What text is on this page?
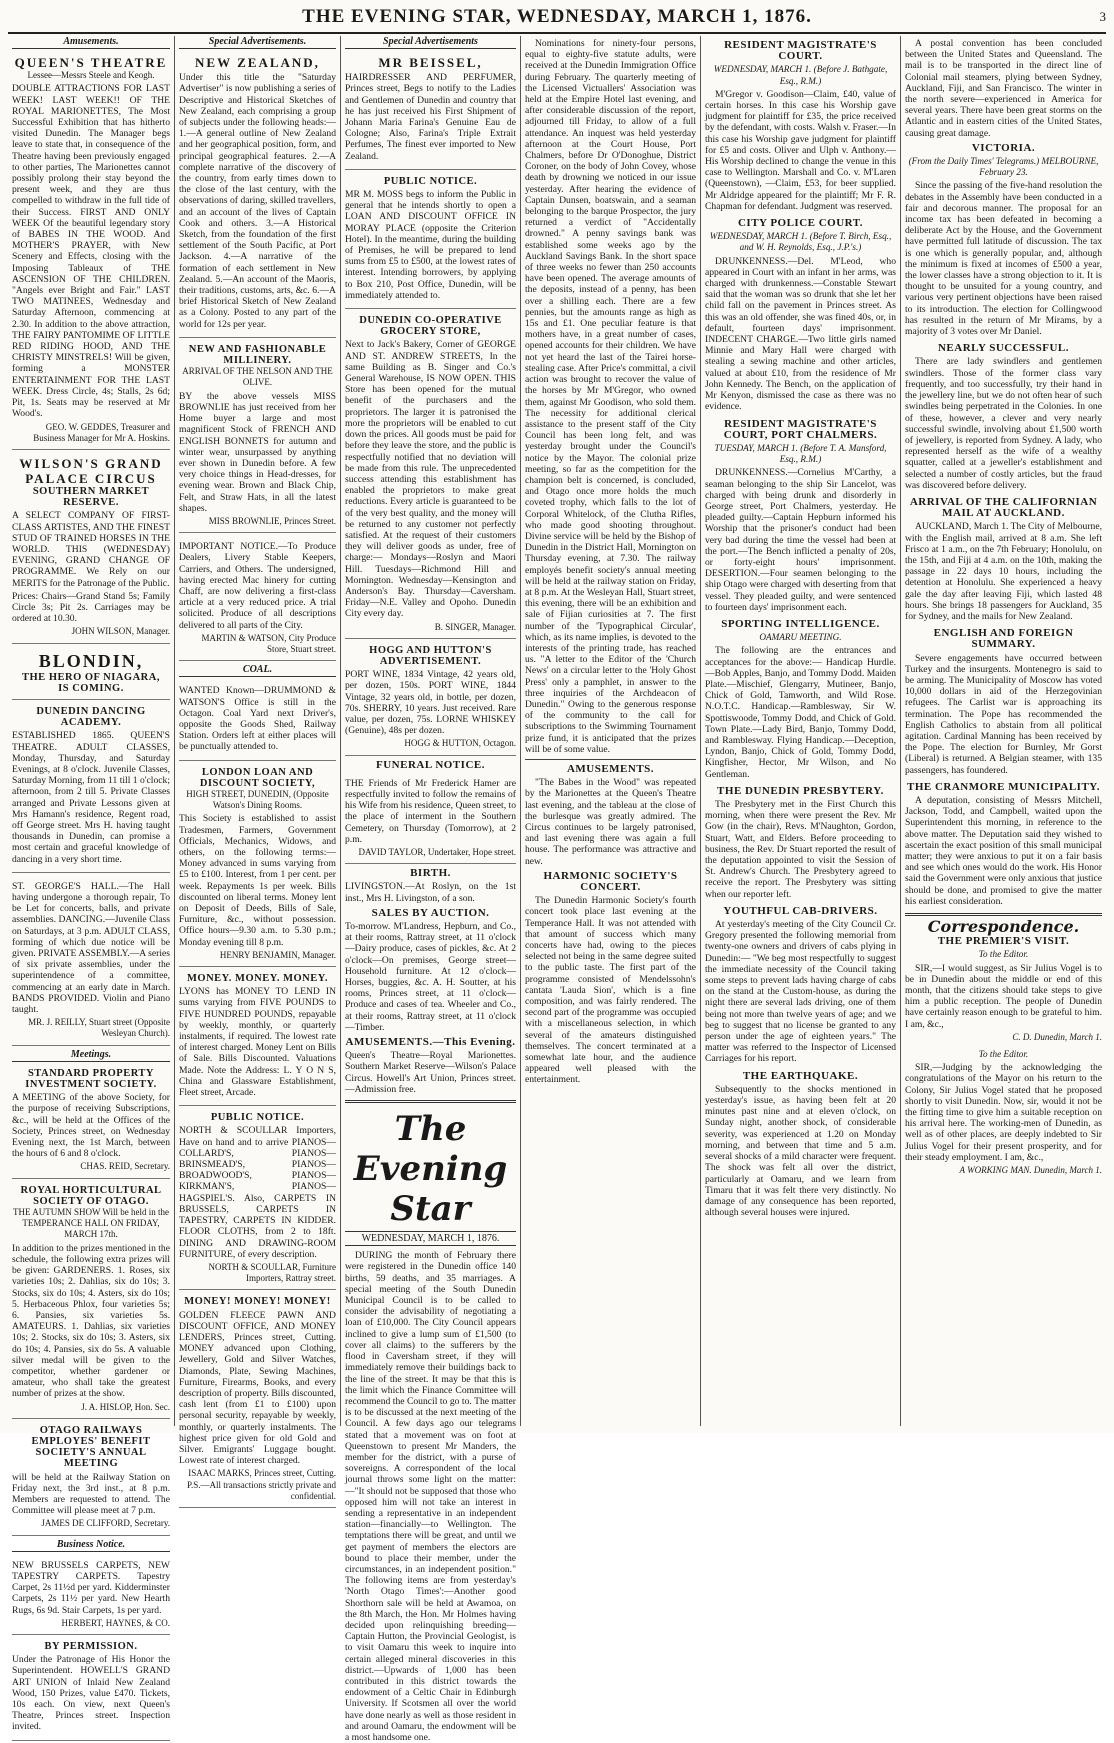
THE EVENING STAR, WEDNESDAY, MARCH 1, 1876.	3
Amusements.
QUEEN'S THEATRE
Lessee—Messrs Steele and Keogh.
DOUBLE ATTRACTIONS FOR LAST WEEK! LAST WEEK!! OF THE ROYAL MARIONETTES, The Most Successful Exhibition that has hitherto visited Dunedin. The Manager begs leave to state that, in consequence of the Theatre having been previously engaged to other parties, The Marionettes cannot possibly prolong their stay beyond the present week, and they are thus compelled to withdraw in the full tide of their Success. FIRST AND ONLY WEEK Of the beautiful legendary story of BABES IN THE WOOD. And MOTHER'S PRAYER, with New Scenery and Effects, closing with the Imposing Tableaux of THE ASCENSION OF THE CHILDREN. "Angels ever Bright and Fair." LAST TWO MATINEES, Wednesday and Saturday Afternoon, commencing at 2.30. In addition to the above attraction, THE FAIRY PANTOMIME OF LITTLE RED RIDING HOOD, AND THE CHRISTY MINSTRELS! Will be given, forming a MONSTER ENTERTAINMENT FOR THE LAST WEEK. Dress Circle, 4s; Stalls, 2s 6d; Pit, 1s. Seats may be reserved at Mr Wood's.
GEO. W. GEDDES, Treasurer and Business Manager for Mr A. Hoskins.
WILSON'S GRAND PALACE CIRCUS
SOUTHERN MARKET RESERVE.
A SELECT COMPANY OF FIRST-CLASS ARTISTES, AND THE FINEST STUD OF TRAINED HORSES IN THE WORLD. THIS (WEDNESDAY) EVENING, GRAND CHANGE OF PROGRAMME. We Rely on our MERITS for the Patronage of the Public.
Prices: Chairs—Grand Stand 5s; Family Circle 3s; Pit 2s. Carriages may be ordered at 10.30.
JOHN WILSON, Manager.
BLONDIN,
THE HERO OF NIAGARA,
IS COMING.
DUNEDIN DANCING ACADEMY.
ESTABLISHED 1865. QUEEN'S THEATRE. ADULT CLASSES, Monday, Thursday, and Saturday Evenings, at 8 o'clock. Juvenile Classes, Saturday Morning, from 11 till 1 o'clock; afternoon, from 2 till 5. Private Classes arranged and Private Lessons given at Mrs Hamann's residence, Regent road, off George street. Mrs H. having taught thousands in Dunedin, can promise a most certain and graceful knowledge of dancing in a very short time.
ST. GEORGE'S HALL.—The Hall having undergone a thorough repair, To be Let for concerts, balls, and private assemblies. DANCING.—Juvenile Class on Saturdays, at 3 p.m. ADULT CLASS, forming of which due notice will be given. PRIVATE ASSEMBLY.—A series of six private assemblies, under the superintendence of a committee, commencing at an early date in March. BANDS PROVIDED. Violin and Piano taught.
MR. J. REILLY, Stuart street (Opposite Wesleyan Church).
Meetings.
STANDARD PROPERTY INVESTMENT SOCIETY.
A MEETING of the above Society, for the purpose of receiving Subscriptions, &c., will be held at the Offices of the Society, Princes street, on Wednesday Evening next, the 1st March, between the hours of 6 and 8 o'clock.
CHAS. REID, Secretary.
ROYAL HORTICULTURAL SOCIETY OF OTAGO.
THE AUTUMN SHOW Will be held in the TEMPERANCE HALL ON FRIDAY, MARCH 17th.
In addition to the prizes mentioned in the schedule, the following extra prizes will be given: GARDENERS. 1. Roses, six varieties 10s; 2. Dahlias, six do 10s; 3. Stocks, six do 10s; 4. Asters, six do 10s; 5. Herbaceous Phlox, four varieties 5s; 6. Pansies, six varieties 5s. AMATEURS. 1. Dahlias, six varieties 10s; 2. Stocks, six do 10s; 3. Asters, six do 10s; 4. Pansies, six do 5s. A valuable silver medal will be given to the competitor, whether gardener or amateur, who shall take the greatest number of prizes at the show.
J. A. HISLOP, Hon. Sec.
OTAGO RAILWAYS EMPLOYES' BENEFIT SOCIETY'S ANNUAL MEETING
will be held at the Railway Station on Friday next, the 3rd inst., at 8 p.m. Members are requested to attend. The Committee will please meet at 7 p.m.
JAMES DE CLIFFORD, Secretary.
Business Notice.
NEW BRUSSELS CARPETS, NEW TAPESTRY CARPETS. Tapestry Carpet, 2s 11½d per yard. Kidderminster Carpets, 2s 11½ per yard. New Hearth Rugs, 6s 9d. Stair Carpets, 1s per yard.
HERBERT, HAYNES, & CO.
BY PERMISSION.
Under the Patronage of His Honor the Superintendent. HOWELL'S GRAND ART UNION of Inlaid New Zealand Wood, 150 Prizes, value £470. Tickets, 10s each. On view, next Queen's Theatre, Princes street. Inspection invited.
Special Advertisements.
NEW ZEALAND,
Under this title the "Saturday Advertiser" is now publishing a series of Descriptive and Historical Sketches of New Zealand, each comprising a group of subjects under the following heads:— 1.—A general outline of New Zealand and her geographical position, form, and principal geographical features. 2.—A complete narrative of the discovery of the country, from early times down to the close of the last century, with the observations of daring, skilled travellers, and an account of the lives of Captain Cook and others. 3.—A Historical Sketch, from the foundation of the first settlement of the South Pacific, at Port Jackson. 4.—A narrative of the formation of each settlement in New Zealand. 5.—An account of the Maoris, their traditions, customs, arts, &c. 6.—A brief Historical Sketch of New Zealand as a Colony. Posted to any part of the world for 12s per year.
NEW AND FASHIONABLE MILLINERY.
ARRIVAL OF THE NELSON AND THE OLIVE.
BY the above vessels MISS BROWNLIE has just received from her Home buyer a large and most magnificent Stock of FRENCH AND ENGLISH BONNETS for autumn and winter wear, unsurpassed by anything ever shown in Dunedin before. A few very choice things in Head-dresses, for evening wear. Brown and Black Chip, Felt, and Straw Hats, in all the latest shapes.
MISS BROWNLIE, Princes Street.
IMPORTANT NOTICE.—To Produce Dealers, Livery Stable Keepers, Carriers, and Others. The undersigned, having erected Mac hinery for cutting Chaff, are now delivering a first-class article at a very reduced price. A trial solicited. Produce of all descriptions delivered to all parts of the City.
MARTIN & WATSON, City Produce Store, Stuart street.
COAL.
WANTED Known—DRUMMOND & WATSON'S Office is still in the Octagon. Coal Yard next Driver's, opposite the Goods Shed, Railway Station. Orders left at either places will be punctually attended to.
LONDON LOAN AND DISCOUNT SOCIETY,
HIGH STREET, DUNEDIN, (Opposite Watson's Dining Rooms.
This Society is established to assist Tradesmen, Farmers, Government Officials, Mechanics, Widows, and others, on the following terms:— Money advanced in sums varying from £5 to £100. Interest, from 1 per cent. per week. Repayments 1s per week. Bills discounted on liberal terms. Money lent on Deposit of Deeds, Bills of Sale, Furniture, &c., without possession. Office hours—9.30 a.m. to 5.30 p.m.; Monday evening till 8 p.m.
HENRY BENJAMIN, Manager.
MONEY. MONEY. MONEY.
LYONS has MONEY TO LEND IN sums varying from FIVE POUNDS to FIVE HUNDRED POUNDS, repayable by weekly, monthly, or quarterly instalments, if required. The lowest rate of interest charged. Money Lent on Bills of Sale. Bills Discounted. Valuations Made. Note the Address: L. Y O N S, China and Glassware Establishment, Fleet street, Arcade.
PUBLIC NOTICE.
NORTH & SCOULLAR Importers, Have on hand and to arrive PIANOS—COLLARD'S, PIANOS—BRINSMEAD'S, PIANOS—BROADWOOD'S, PIANOS—KIRKMAN'S, PIANOS—HAGSPIEL'S. Also, CARPETS IN BRUSSELS, CARPETS IN TAPESTRY, CARPETS IN KIDDER. FLOOR CLOTHS, from 2 to 18ft. DINING AND DRAWING-ROOM FURNITURE, of every description.
NORTH & SCOULLAR, Furniture Importers, Rattray street.
MONEY! MONEY! MONEY!
GOLDEN FLEECE PAWN AND DISCOUNT OFFICE, AND MONEY LENDERS, Princes street, Cutting. MONEY advanced upon Clothing, Jewellery, Gold and Silver Watches, Diamonds, Plate, Sewing Machines, Furniture, Firearms, Books, and every description of property. Bills discounted, cash lent (from £1 to £100) upon personal security, repayable by weekly, monthly, or quarterly instalments. The highest price given for old Gold and Silver. Emigrants' Luggage bought. Lowest rate of interest charged.
ISAAC MARKS, Princes street, Cutting. P.S.—All transactions strictly private and confidential.
Special Advertisements
MR BEISSEL,
HAIRDRESSER AND PERFUMER, Princes street, Begs to notify to the Ladies and Gentlemen of Dunedin and country that he has just received his First Shipment of Johann Maria Farina's Genuine Eau de Cologne; Also, Farina's Triple Extrait Perfumes, The finest ever imported to New Zealand.
PUBLIC NOTICE.
MR M. MOSS begs to inform the Public in general that he intends shortly to open a LOAN AND DISCOUNT OFFICE IN MORAY PLACE (opposite the Criterion Hotel). In the meantime, during the building of Premises, he will be prepared to lend sums from £5 to £500, at the lowest rates of interest. Intending borrowers, by applying to Box 210, Post Office, Dunedin, will be immediately attended to.
DUNEDIN CO-OPERATIVE GROCERY STORE,
Next to Jack's Bakery, Corner of GEORGE AND ST. ANDREW STREETS, In the same Building as B. Singer and Co.'s General Warehouse, IS NOW OPEN. THIS Store has been opened for the mutual benefit of the purchasers and the proprietors. The larger it is patronised the more the proprietors will be enabled to cut down the prices. All goods must be paid for before they leave the store, and the public is respectfully notified that no deviation will be made from this rule. The unprecedented success attending this establishment has enabled the proprietors to make great reductions. Every article is guaranteed to be of the very best quality, and the money will be returned to any customer not perfectly satisfied. At the request of their customers they will deliver goods as under, free of charge:— Mondays—Roslyn and Maori Hill. Tuesdays—Richmond Hill and Mornington. Wednesday—Kensington and Anderson's Bay. Thursday—Caversham. Friday—N.E. Valley and Opoho. Dunedin City every day.
B. SINGER, Manager.
HOGG AND HUTTON'S ADVERTISEMENT.
PORT WINE, 1834 Vintage, 42 years old, per dozen, 150s. PORT WINE, 1844 Vintage, 32 years old, in bottle, per dozen, 70s. SHERRY, 10 years. Just received. Rare value, per dozen, 75s. LORNE WHISKEY (Genuine), 48s per dozen.
HOGG & HUTTON, Octagon.
FUNERAL NOTICE.
THE Friends of Mr Frederick Hamer are respectfully invited to follow the remains of his Wife from his residence, Queen street, to the place of interment in the Southern Cemetery, on Thursday (Tomorrow), at 2 p.m.
DAVID TAYLOR, Undertaker, Hope street.
BIRTH.
LIVINGSTON.—At Roslyn, on the 1st inst., Mrs H. Livingston, of a son.
SALES BY AUCTION.
To-morrow. M'Landress, Hepburn, and Co., at their rooms, Rattray street, at 11 o'clock—Dairy produce, cases of pickles, &c. At 2 o'clock—On premises, George street—Household furniture. At 12 o'clock—Horses, buggies, &c. A. H. Soutter, at his rooms, Princes street, at 11 o'clock—Produce and cases of tea. Wheeler and Co., at their rooms, Rattray street, at 11 o'clock—Timber.
AMUSEMENTS.—This Evening.
Queen's Theatre—Royal Marionettes. Southern Market Reserve—Wilson's Palace Circus. Howell's Art Union, Princes street.—Admission free.
The Evening Star
WEDNESDAY, MARCH 1, 1876.
DURING the month of February there were registered in the Dunedin office 140 births, 59 deaths, and 35 marriages. A special meeting of the South Dunedin Municipal Council is to be called to consider the advisability of negotiating a loan of £10,000. The City Council appears inclined to give a lump sum of £1,500 (to cover all claims) to the sufferers by the flood in Caversham street, if they will immediately remove their buildings back to the line of the street. It may be that this is the limit which the Finance Committee will recommend the Council to go to. The matter is to be discussed at the next meeting of the Council. A few days ago our telegrams stated that a movement was on foot at Queenstown to present Mr Manders, the member for the district, with a purse of sovereigns. A correspondent of the local journal throws some light on the matter:—"It should not be supposed that those who opposed him will not take an interest in sending a representative in an independent station—financially—to Wellington. The temptations there will be great, and until we get payment of members the electors are bound to place their member, under the circumstances, in an independent position." The following items are from yesterday's 'North Otago Times':—Another good Shorthorn sale will be held at Awamoa, on the 8th March, the Hon. Mr Holmes having decided upon relinquishing breeding—Captain Hutton, the Provincial Geologist, is to visit Oamaru this week to inquire into certain alleged mineral discoveries in this district.—Upwards of 1,000 has been contributed in this district towards the endowment of a Celtic Chair in Edinburgh University. If Scotsmen all over the world have done nearly as well as those resident in and around Oamaru, the endowment will be a most handsome one.
Nominations for ninety-four persons, equal to eighty-five statute adults, were received at the Dunedin Immigration Office during February. The quarterly meeting of the Licensed Victuallers' Association was held at the Empire Hotel last evening, and after considerable discussion of the report, adjourned till Friday, to allow of a full attendance. An inquest was held yesterday afternoon at the Court House, Port Chalmers, before Dr O'Donoghue, District Coroner, on the body of John Covey, whose death by drowning we noticed in our issue yesterday. After hearing the evidence of Captain Dunsen, boatswain, and a seaman belonging to the barque Prospector, the jury returned a verdict of "Accidentally drowned." A penny savings bank was established some weeks ago by the Auckland Savings Bank. In the short space of three weeks no fewer than 250 accounts have been opened. The average amounts of the deposits, instead of a penny, has been over a shilling each. There are a few pennies, but the amounts range as high as 15s and £1. One peculiar feature is that mothers have, in a great number of cases, opened accounts for their children. We have not yet heard the last of the Tairei horse-stealing case. After Price's committal, a civil action was brought to recover the value of the horses by Mr M'Gregor, who owned them, against Mr Goodison, who sold them. The necessity for additional clerical assistance to the present staff of the City Council has been long felt, and was yesterday brought under the Council's notice by the Mayor. The colonial prize meeting, so far as the competition for the champion belt is concerned, is concluded, and Otago once more holds the much coveted trophy, which falls to the lot of Corporal Whitelock, of the Clutha Rifles, who made good shooting throughout. Divine service will be held by the Bishop of Dunedin in the District Hall, Mornington on Thursday evening, at 7.30. The railway employés benefit society's annual meeting will be held at the railway station on Friday, at 8 p.m. At the Wesleyan Hall, Stuart street, this evening, there will be an exhibition and sale of Fijian curiosities at 7. The first number of the 'Typographical Circular', which, as its name implies, is devoted to the interests of the printing trade, has reached us. "A letter to the Editor of the 'Church News' on a circular letter to the 'Holy Ghost Press' only a pamphlet, in answer to the three inquiries of the Archdeacon of Dunedin." Owing to the generous response of the community to the call for subscriptions to the Swimming Tournament prize fund, it is anticipated that the prizes will be of some value.
AMUSEMENTS.
"The Babes in the Wood" was repeated by the Marionettes at the Queen's Theatre last evening, and the tableau at the close of the burlesque was greatly admired. The Circus continues to be largely patronised, and last evening there was again a full house. The performance was attractive and new.
HARMONIC SOCIETY'S CONCERT.
The Dunedin Harmonic Society's fourth concert took place last evening at the Temperance Hall. It was not attended with that amount of success which many concerts have had, owing to the pieces selected not being in the same degree suited to the public taste. The first part of the programme consisted of Mendelssohn's cantata 'Lauda Sion', which is a fine composition, and was fairly rendered. The second part of the programme was occupied with a miscellaneous selection, in which several of the amateurs distinguished themselves. The concert terminated at a somewhat late hour, and the audience appeared well pleased with the entertainment.
RESIDENT MAGISTRATE'S COURT.
WEDNESDAY, MARCH 1. (Before J. Bathgate, Esq., R.M.)
M'Gregor v. Goodison—Claim, £40, value of certain horses. In this case his Worship gave judgment for plaintiff for £35, the price received by the defendant, with costs. Walsh v. Fraser.—In this case his Worship gave judgment for plaintiff for £5 and costs. Oliver and Ulph v. Anthony.—His Worship declined to change the venue in this case to Wellington. Marshall and Co. v. M'Laren (Queenstown), —Claim, £53, for beer supplied. Mr Aldridge appeared for the plaintiff; Mr F. R. Chapman for defendant. Judgment was reserved.
CITY POLICE COURT.
WEDNESDAY, MARCH 1. (Before T. Birch, Esq., and W. H. Reynolds, Esq., J.P.'s.)
DRUNKENNESS.—Del. M'Leod, who appeared in Court with an infant in her arms, was charged with drunkenness.—Constable Stewart said that the woman was so drunk that she let her child fall on the pavement in Princes street. As this was an old offender, she was fined 40s, or, in default, fourteen days' imprisonment. INDECENT CHARGE.—Two little girls named Minnie and Mary Hall were charged with stealing a sewing machine and other articles, valued at about £10, from the residence of Mr John Kennedy. The Bench, on the application of Mr Kenyon, dismissed the case as there was no evidence.
RESIDENT MAGISTRATE'S COURT, PORT CHALMERS.
TUESDAY, MARCH 1. (Before T. A. Mansford, Esq., R.M.)
DRUNKENNESS.—Cornelius M'Carthy, a seaman belonging to the ship Sir Lancelot, was charged with being drunk and disorderly in George street, Port Chalmers, yesterday. He pleaded guilty.—Captain Hepburn informed his Worship that the prisoner's conduct had been very bad during the time the vessel had been at the port.—The Bench inflicted a penalty of 20s, or forty-eight hours' imprisonment. DESERTION.—Four seamen belonging to the ship Otago were charged with deserting from that vessel. They pleaded guilty, and were sentenced to fourteen days' imprisonment each.
SPORTING INTELLIGENCE.
OAMARU MEETING.
The following are the entrances and acceptances for the above:— Handicap Hurdle.—Bob Apples, Banjo, and Tommy Dodd. Maiden Plate.—Mischief, Glengarry, Mutineer, Banjo, Chick of Gold, Tamworth, and Wild Rose. N.O.T.C. Handicap.—Ramblesway, Sir W. Spottiswoode, Tommy Dodd, and Chick of Gold. Town Plate.—Lady Bird, Banjo, Tommy Dodd, and Ramblesway. Flying Handicap.—Deception, Lyndon, Banjo, Chick of Gold, Tommy Dodd, Kingfisher, Hector, Mr Wilson, and No Gentleman.
THE DUNEDIN PRESBYTERY.
The Presbytery met in the First Church this morning, when there were present the Rev. Mr Gow (in the chair), Revs. M'Naughton, Gordon, Stuart, Watt, and Elders. Before proceeding to business, the Rev. Dr Stuart reported the result of the deputation appointed to visit the Session of St. Andrew's Church. The Presbytery agreed to receive the report. The Presbytery was sitting when our reporter left.
YOUTHFUL CAB-DRIVERS.
At yesterday's meeting of the City Council Cr. Gregory presented the following memorial from twenty-one owners and drivers of cabs plying in Dunedin:— "We beg most respectfully to suggest the immediate necessity of the Council taking some steps to prevent lads having charge of cabs on the stand at the Custom-house, as during the night there are several lads driving, one of them being not more than twelve years of age; and we beg to suggest that no license be granted to any person under the age of eighteen years." The matter was referred to the Inspector of Licensed Carriages for his report.
THE EARTHQUAKE.
Subsequently to the shocks mentioned in yesterday's issue, as having been felt at 20 minutes past nine and at eleven o'clock, on Sunday night, another shock, of considerable severity, was experienced at 1.20 on Monday morning, and between that time and 5 a.m. several shocks of a mild character were frequent. The shock was felt all over the district, particularly at Oamaru, and we learn from Timaru that it was felt there very distinctly. No damage of any consequence has been reported, although several houses were injured.
A postal convention has been concluded between the United States and Queensland. The mail is to be transported in the direct line of Colonial mail steamers, plying between Sydney, Auckland, Fiji, and San Francisco. The winter in the north severe—experienced in America for several years. There have been great storms on the Atlantic and in eastern cities of the United States, causing great damage.
VICTORIA.
(From the Daily Times' Telegrams.) MELBOURNE, February 23.
Since the passing of the five-hand resolution the debates in the Assembly have been conducted in a fair and decorous manner. The proposal for an income tax has been defeated in becoming a deliberate Act by the House, and the Government have permitted full latitude of discussion. The tax is one which is generally popular, and, although the minimum is fixed at incomes of £500 a year, the lower classes have a strong objection to it. It is thought to be unsuited for a young country, and various very pertinent objections have been raised to its introduction. The election for Collingwood has resulted in the return of Mr Mirams, by a majority of 3 votes over Mr Daniel.
NEARLY SUCCESSFUL.
There are lady swindlers and gentlemen swindlers. Those of the former class vary frequently, and too successfully, try their hand in the jewellery line, but we do not often hear of such swindles being perpetrated in the Colonies. In one of these, however, a clever and very nearly successful swindle, involving about £1,500 worth of jewellery, is reported from Sydney. A lady, who represented herself as the wife of a wealthy squatter, called at a jeweller's establishment and selected a number of costly articles, but the fraud was discovered before delivery.
ARRIVAL OF THE CALIFORNIAN MAIL AT AUCKLAND.
AUCKLAND, March 1. The City of Melbourne, with the English mail, arrived at 8 a.m. She left Frisco at 1 a.m., on the 7th February; Honolulu, on the 15th, and Fiji at 4 a.m. on the 10th, making the passage in 22 days 10 hours, including the detention at Honolulu. She experienced a heavy gale the day after leaving Fiji, which lasted 48 hours. She brings 18 passengers for Auckland, 35 for Sydney, and the mails for New Zealand.
ENGLISH AND FOREIGN SUMMARY.
Severe engagements have occurred between Turkey and the insurgents. Montenegro is said to be arming. The Municipality of Moscow has voted 10,000 dollars in aid of the Herzegovinian refugees. The Carlist war is approaching its termination. The Pope has recommended the English Catholics to abstain from all political agitation. Cardinal Manning has been received by the Pope. The election for Burnley, Mr Gorst (Liberal) is returned. A Belgian steamer, with 135 passengers, has foundered.
THE CRANMORE MUNICIPALITY.
A deputation, consisting of Messrs Mitchell, Jackson, Todd, and Campbell, waited upon the Superintendent this morning, in reference to the above matter. The Deputation said they wished to ascertain the exact position of this small municipal matter; they were anxious to put it on a fair basis and see which ones would do the work. His Honor said the Government were only anxious that justice should be done, and promised to give the matter his earliest consideration.
Correspondence.
THE PREMIER'S VISIT.
To the Editor.
SIR,—I would suggest, as Sir Julius Vogel is to be in Dunedin about the middle or end of this month, that the citizens should take steps to give him a public reception. The people of Dunedin have certainly reason enough to be grateful to him. I am, &c.,
C. D. Dunedin, March 1.
To the Editor.
SIR,—Judging by the acknowledging the congratulations of the Mayor on his return to the Colony, Sir Julius Vogel stated that he proposed shortly to visit Dunedin. Now, sir, would it not be the fitting time to give him a suitable reception on his arrival here. The working-men of Dunedin, as well as of other places, are deeply indebted to Sir Julius Vogel for their present prosperity, and for their steady employment. I am, &c.,
A WORKING MAN. Dunedin, March 1.
